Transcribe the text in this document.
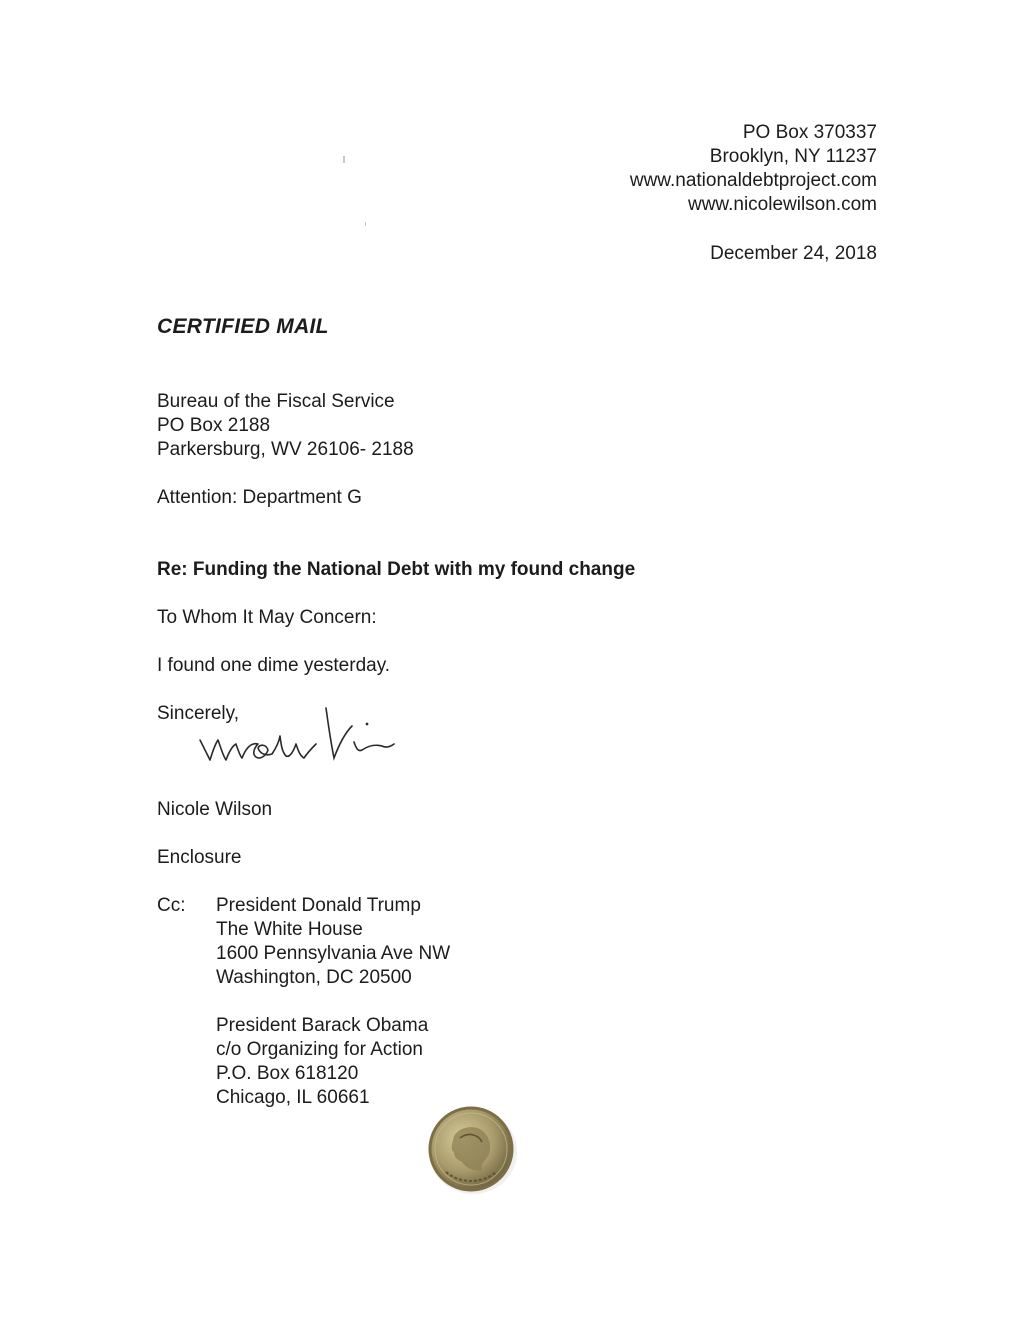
PO Box 370337
Brooklyn, NY 11237
www.nationaldebtproject.com
www.nicolewilson.com
December 24, 2018
CERTIFIED MAIL
Bureau of the Fiscal Service
PO Box 2188
Parkersburg, WV 26106- 2188
Attention: Department G
Re: Funding the National Debt with my found change
To Whom It May Concern:
I found one dime yesterday.
Sincerely,
Nicole Wilson
Enclosure
Cc: President Donald Trump
The White House
1600 Pennsylvania Ave NW
Washington, DC 20500
President Barack Obama
c/o Organizing for Action
P.O. Box 618120
Chicago, IL 60661
